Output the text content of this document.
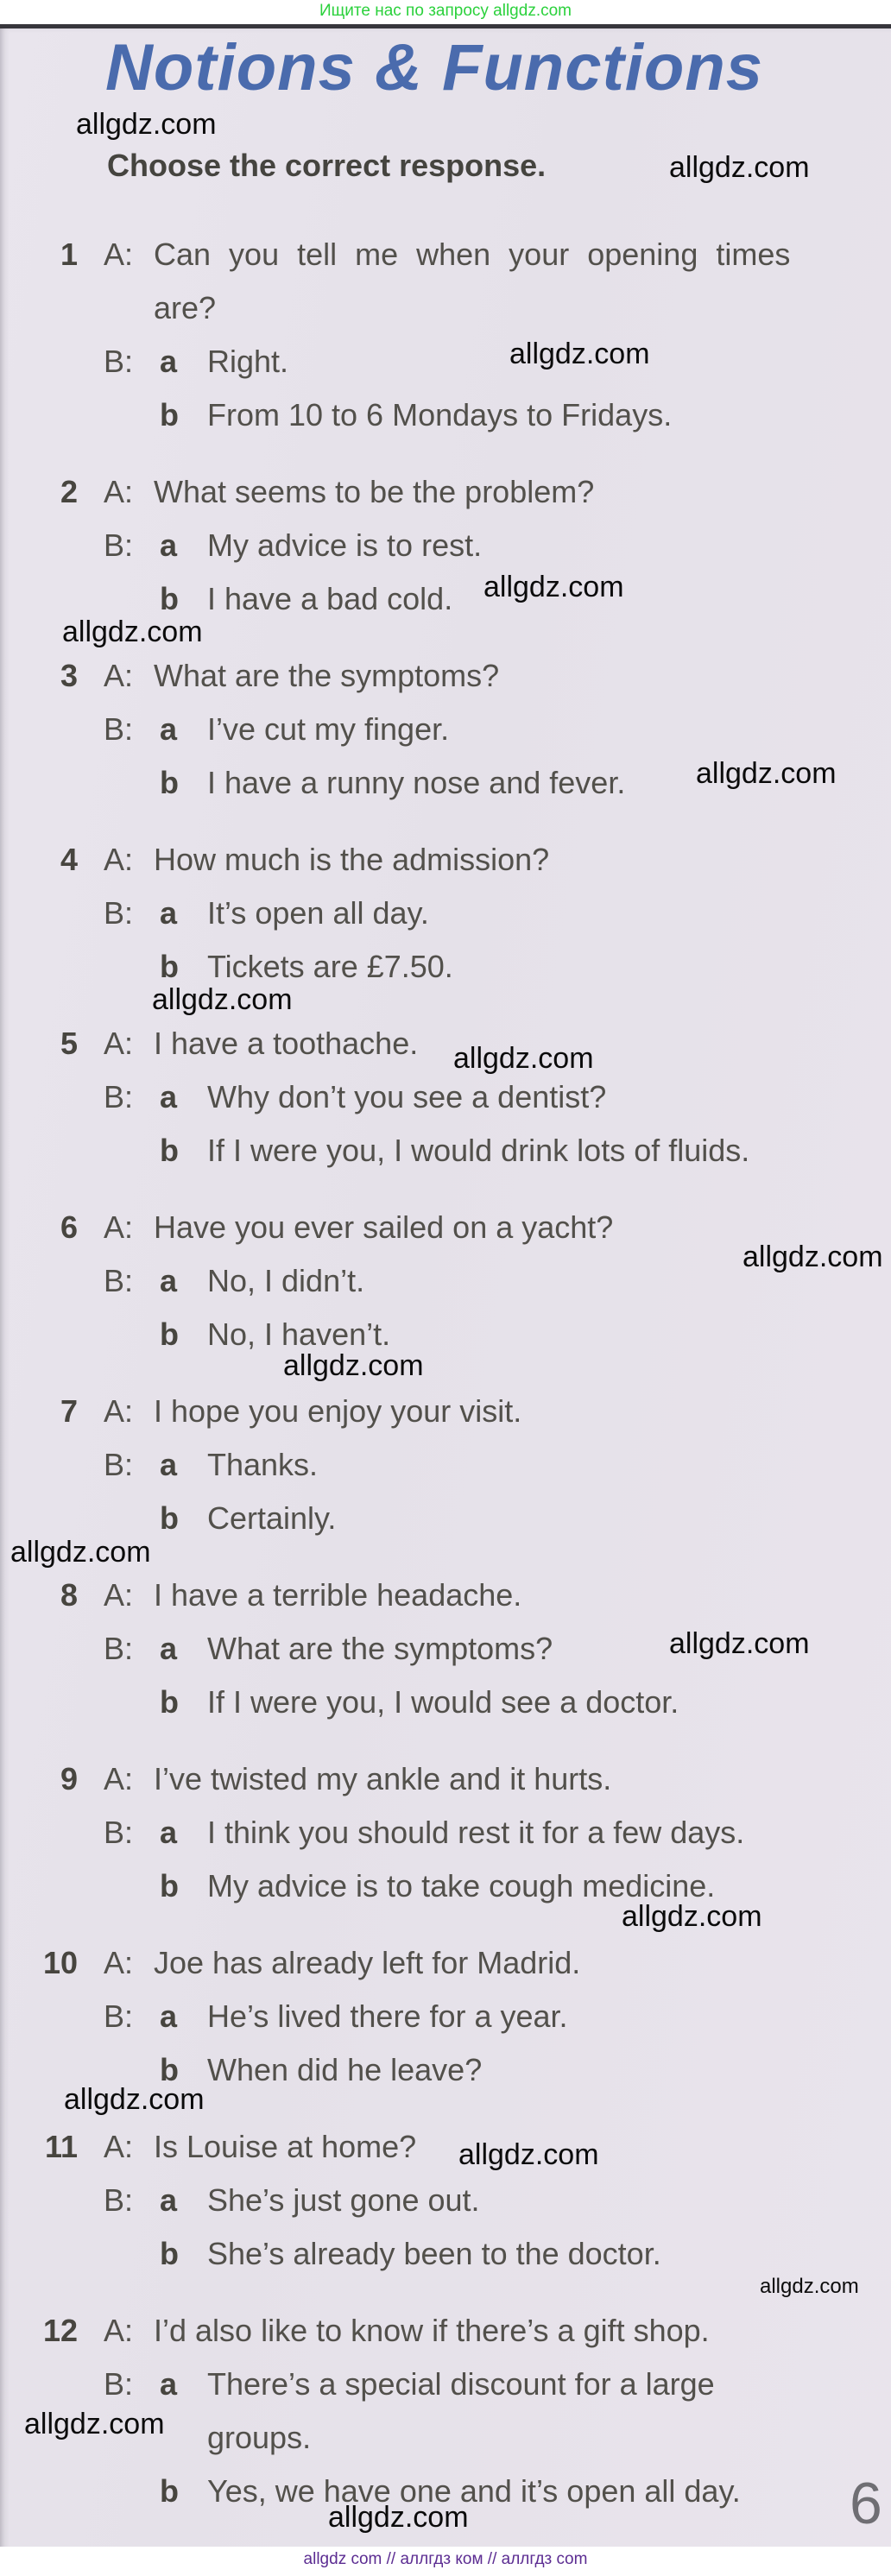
Ищите нас по запросу allgdz.com
Notions & Functions
Choose the correct response.
1 A: Can you tell me when your opening times
are?
B: a Right.
b From 10 to 6 Mondays to Fridays.
2 A: What seems to be the problem?
B: a My advice is to rest.
b I have a bad cold.
3 A: What are the symptoms?
B: a I’ve cut my finger.
b I have a runny nose and fever.
4 A: How much is the admission?
B: a It’s open all day.
b Tickets are £7.50.
5 A: I have a toothache.
B: a Why don’t you see a dentist?
b If I were you, I would drink lots of fluids.
6 A: Have you ever sailed on a yacht?
B: a No, I didn’t.
b No, I haven’t.
7 A: I hope you enjoy your visit.
B: a Thanks.
b Certainly.
8 A: I have a terrible headache.
B: a What are the symptoms?
b If I were you, I would see a doctor.
9 A: I’ve twisted my ankle and it hurts.
B: a I think you should rest it for a few days.
b My advice is to take cough medicine.
10 A: Joe has already left for Madrid.
B: a He’s lived there for a year.
b When did he leave?
11 A: Is Louise at home?
B: a She’s just gone out.
b She’s already been to the doctor.
12 A: I’d also like to know if there’s a gift shop.
B: a There’s a special discount for a large
groups.
b Yes, we have one and it’s open all day.
allgdz.com
allgdz.com
allgdz.com
allgdz.com
allgdz.com
allgdz.com
allgdz.com
allgdz.com
allgdz.com
allgdz.com
allgdz.com
allgdz.com
allgdz.com
allgdz.com
allgdz.com
allgdz.com
allgdz.com
allgdz.com	6
allgdz com // аллгдз ком // аллгдз com
